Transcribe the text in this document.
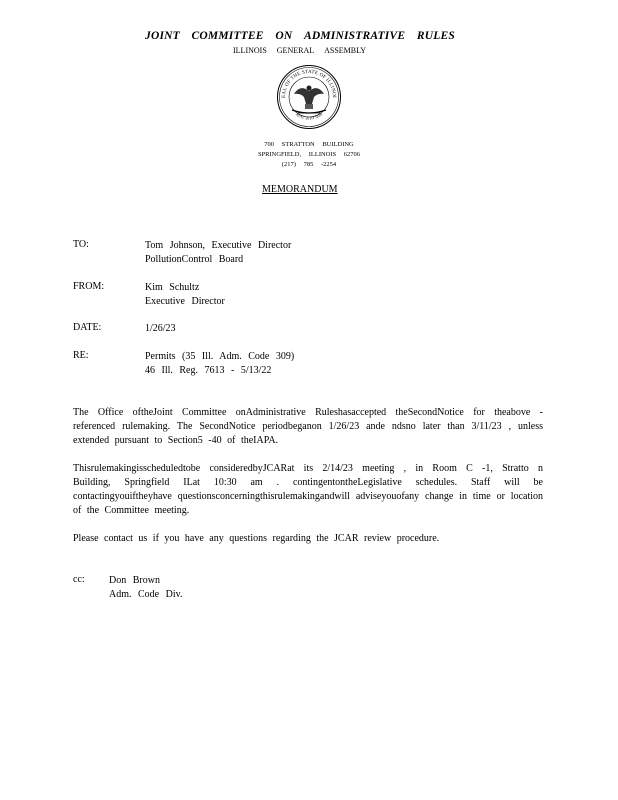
JOINT COMMITTEE ON ADMINISTRATIVE RULES
ILLINOIS GENERAL ASSEMBLY
EAL OF THE STATE OF ILLINOI
AUG. 26TH 1818
700 STRATTON BUILDING
SPRINGFIELD, ILLINOIS 62706
(217) 785 -2254
MEMORANDUM
TO:	Tom Johnson, Executive Director
PollutionControl Board
FROM:	Kim Schultz
Executive Director
DATE:	1/26/23
RE:	Permits (35 Ill. Adm. Code 309)
46 Ill. Reg. 7613 - 5/13/22
The Office oftheJoint Committee onAdministrative Ruleshasaccepted theSecondNotice for theabove -referenced rulemaking. The SecondNotice periodbeganon 1/26/23 ande ndsno later than 3/11/23 , unless extended pursuant to Section5 -40 of theIAPA.
Thisrulemakingisscheduledtobe consideredbyJCARat its 2/14/23 meeting , in Room C -1, Stratto n Building, Springfield ILat 10:30 am . contingentontheLegislative schedules. Staff will be contactingyouiftheyhave questionsconcerningthisrulemakingandwill adviseyouofany change in time or location of the Committee meeting.
Please contact us if you have any questions regarding the JCAR review procedure.
cc: Don Brown
Adm. Code Div.
